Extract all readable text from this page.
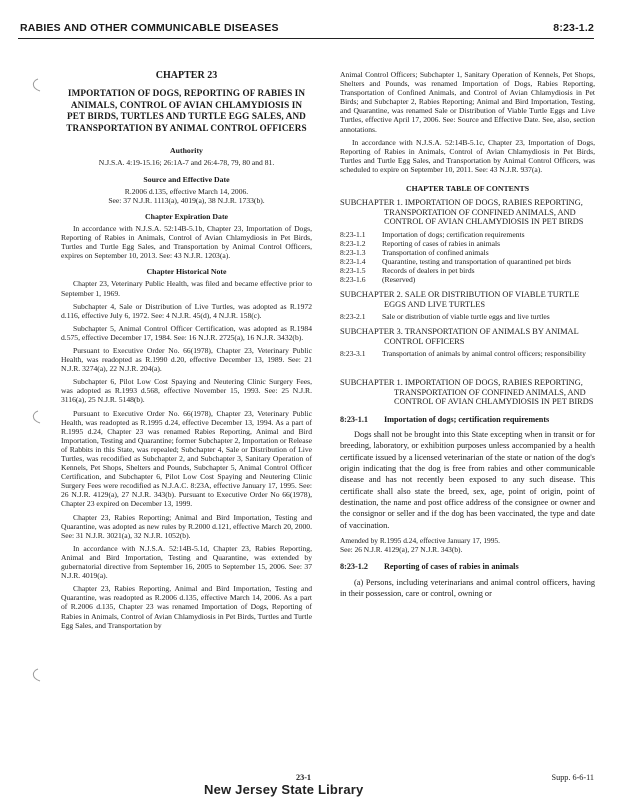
RABIES AND OTHER COMMUNICABLE DISEASES	8:23-1.2
CHAPTER 23
IMPORTATION OF DOGS, REPORTING OF RABIES IN ANIMALS, CONTROL OF AVIAN CHLAMYDIOSIS IN PET BIRDS, TURTLES AND TURTLE EGG SALES, AND TRANSPORTATION BY ANIMAL CONTROL OFFICERS
Authority

N.J.S.A. 4:19-15.16; 26:1A-7 and 26:4-78, 79, 80 and 81.

Source and Effective Date

R.2006 d.135, effective March 14, 2006.

See: 37 N.J.R. 1113(a), 4019(a), 38 N.J.R. 1733(b).

Chapter Expiration Date

In accordance with N.J.S.A. 52:14B-5.1b, Chapter 23, Importation of Dogs, Reporting of Rabies in Animals, Control of Avian Chlamydiosis in Pet Birds, Turtles and Turtle Egg Sales, and Transportation by Animal Control Officers, expires on September 10, 2013. See: 43 N.J.R. 1203(a).

Chapter Historical Note

Chapter 23, Veterinary Public Health, was filed and became effective prior to September 1, 1969.

Subchapter 4, Sale or Distribution of Live Turtles, was adopted as R.1972 d.116, effective July 6, 1972. See: 4 N.J.R. 45(d), 4 N.J.R. 158(c).

Subchapter 5, Animal Control Officer Certification, was adopted as R.1984 d.575, effective December 17, 1984. See: 16 N.J.R. 2725(a), 16 N.J.R. 3432(b).

Pursuant to Executive Order No. 66(1978), Chapter 23, Veterinary Public Health, was readopted as R.1990 d.20, effective December 13, 1989. See: 21 N.J.R. 3274(a), 22 N.J.R. 204(a).

Subchapter 6, Pilot Low Cost Spaying and Neutering Clinic Surgery Fees, was adopted as R.1993 d.568, effective November 15, 1993. See: 25 N.J.R. 3116(a), 25 N.J.R. 5148(b).

Pursuant to Executive Order No. 66(1978), Chapter 23, Veterinary Public Health, was readopted as R.1995 d.24, effective December 13, 1994. As a part of R.1995 d.24, Chapter 23 was renamed Rabies Reporting, Animal and Bird Importation, Testing and Quarantine; former Subchapter 2, Importation or Release of Rabbits in this State, was repealed; Subchapter 4, Sale or Distribution of Live Turtles, was recodified as Subchapter 2, and Subchapter 3, Sanitary Operation of Kennels, Pet Shops, Shelters and Pounds, Subchapter 5, Animal Control Officer Certification, and Subchapter 6, Pilot Low Cost Spaying and Neutering Clinic Surgery Fees were recodified as N.J.A.C. 8:23A, effective January 17, 1995. See: 26 N.J.R. 4129(a), 27 N.J.R. 343(b). Pursuant to Executive Order No 66(1978), Chapter 23 expired on December 13, 1999.

Chapter 23, Rabies Reporting; Animal and Bird Importation, Testing and Quarantine, was adopted as new rules by R.2000 d.121, effective March 20, 2000. See: 31 N.J.R. 3021(a), 32 N.J.R. 1052(b).

In accordance with N.J.S.A. 52:14B-5.1d, Chapter 23, Rabies Reporting, Animal and Bird Importation, Testing and Quarantine, was extended by gubernatorial directive from September 16, 2005 to September 15, 2006. See: 37 N.J.R. 4019(a).

Chapter 23, Rabies Reporting, Animal and Bird Importation, Testing and Quarantine, was readopted as R.2006 d.135, effective March 14, 2006. As a part of R.2006 d.135, Chapter 23 was renamed Importation of Dogs, Reporting of Rabies in Animals, Control of Avian Chlamydiosis in Pet Birds, Turtles and Turtle Egg Sales, and Transportation by

Animal Control Officers; Subchapter 1, Sanitary Operation of Kennels, Pet Shops, Shelters and Pounds, was renamed Importation of Dogs, Rabies Reporting, Transportation of Confined Animals, and Control of Avian Chlamydiosis in Pet Birds; and Subchapter 2, Rabies Reporting; Animal and Bird Importation, Testing, and Quarantine, was renamed Sale or Distribution of Viable Turtle Eggs and Live Turtles, effective April 17, 2006. See: Source and Effective Date. See, also, section annotations.

In accordance with N.J.S.A. 52:14B-5.1c, Chapter 23, Importation of Dogs, Reporting of Rabies in Animals, Control of Avian Chlamydiosis in Pet Birds, Turtles and Turtle Egg Sales, and Transportation by Animal Control Officers, was scheduled to expire on September 10, 2011. See: 43 N.J.R. 937(a).

CHAPTER TABLE OF CONTENTS
SUBCHAPTER 1. IMPORTATION OF DOGS, RABIES REPORTING, TRANSPORTATION OF CONFINED ANIMALS, AND CONTROL OF AVIAN CHLAMYDIOSIS IN PET BIRDS
8:23-1.1	Importation of dogs; certification requirements
8:23-1.2	Reporting of cases of rabies in animals
8:23-1.3	Transportation of confined animals
8:23-1.4	Quarantine, testing and transportation of quarantined pet birds
8:23-1.5	Records of dealers in pet birds
8:23-1.6	(Reserved)
SUBCHAPTER 2. SALE OR DISTRIBUTION OF VIABLE TURTLE EGGS AND LIVE TURTLES
8:23-2.1	Sale or distribution of viable turtle eggs and live turtles
SUBCHAPTER 3. TRANSPORTATION OF ANIMALS BY ANIMAL CONTROL OFFICERS
8:23-3.1	Transportation of animals by animal control officers; responsibility
SUBCHAPTER 1. IMPORTATION OF DOGS, RABIES REPORTING, TRANSPORTATION OF CONFINED ANIMALS, AND CONTROL OF AVIAN CHLAMYDIOSIS IN PET BIRDS
8:23-1.1	Importation of dogs; certification requirements

Dogs shall not be brought into this State excepting when in transit or for breeding, laboratory, or exhibition purposes unless accompanied by a health certificate issued by a licensed veterinarian of the state or nation of the dog's origin indicating that the dog is free from rabies and other communicable disease and has not recently been exposed to any such disease. This certificate shall also state the breed, sex, age, point of origin, point of destination, the name and post office address of the consignee or owner and the consignor or seller and if the dog has been vaccinated, the type and date of vaccination.

Amended by R.1995 d.24, effective January 17, 1995.
See: 26 N.J.R. 4129(a), 27 N.J.R. 343(b).
8:23-1.2	Reporting of cases of rabies in animals

(a) Persons, including veterinarians and animal control officers, having in their possession, care or control, owning or

23-1	Supp. 6-6-11
New Jersey State Library
